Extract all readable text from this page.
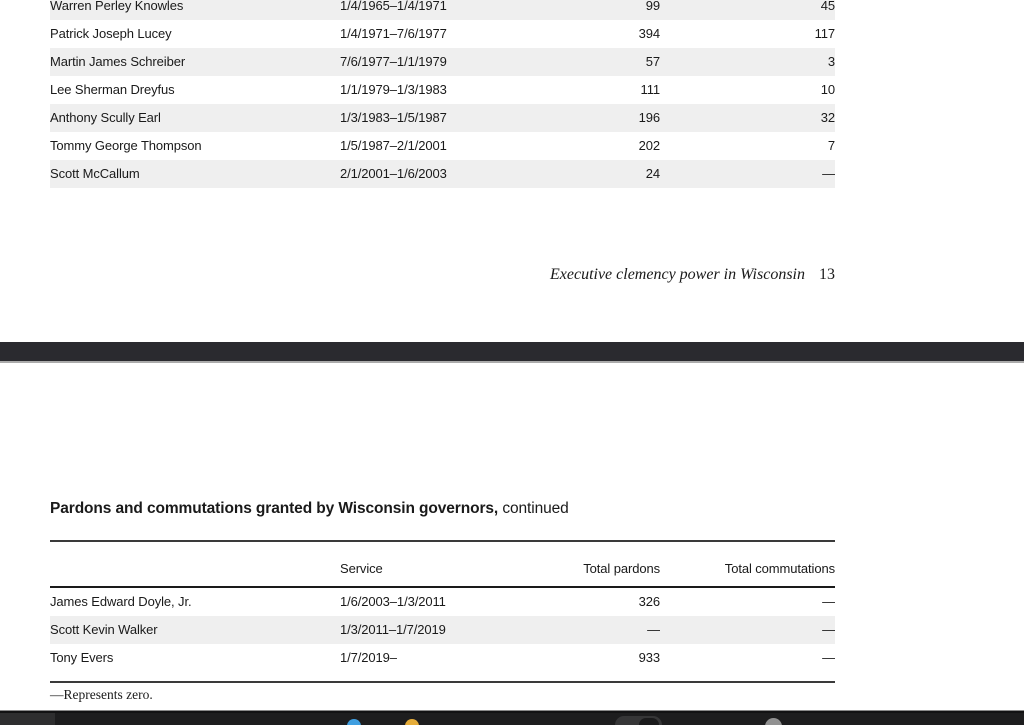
Warren Perley Knowles	1/4/1965–1/4/1971	99	45
Patrick Joseph Lucey	1/4/1971–7/6/1977	394	117
Martin James Schreiber	7/6/1977–1/1/1979	57	3
Lee Sherman Dreyfus	1/1/1979–1/3/1983	111	10
Anthony Scully Earl	1/3/1983–1/5/1987	196	32
Tommy George Thompson	1/5/1987–2/1/2001	202	7
Scott McCallum	2/1/2001–1/6/2003	24	—
Executive clemency power in Wisconsin 13
Pardons and commutations granted by Wisconsin governors, continued
	Service	Total pardons	Total commutations
James Edward Doyle, Jr.	1/6/2003–1/3/2011	326	—
Scott Kevin Walker	1/3/2011–1/7/2019	—	—
Tony Evers	1/7/2019–	933	—
—Represents zero.
